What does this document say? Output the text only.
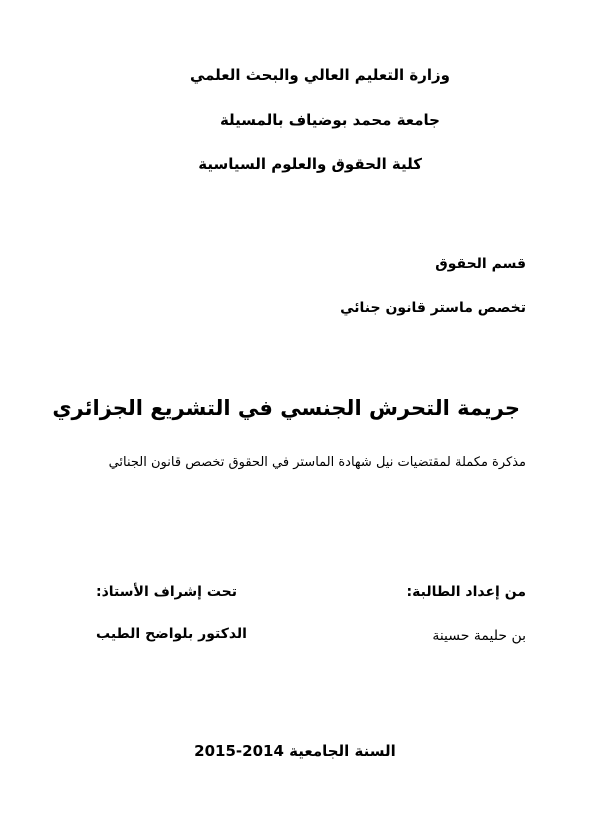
وزارة التعليم العالي والبحث العلمي
جامعة محمد بوضياف بالمسيلة
كلية الحقوق والعلوم السياسية
قسم الحقوق
تخصص ماستر قانون جنائي
جريمة التحرش الجنسي في التشريع الجزائري
مذكرة مكملة لمقتضيات نيل شهادة الماستر في الحقوق تخصص قانون الجنائي
من إعداد الطالبة:
تحت إشراف الأستاذ:
بن حليمة حسينة
الدكتور بلواضح الطيب
السنة الجامعية 2014-2015
